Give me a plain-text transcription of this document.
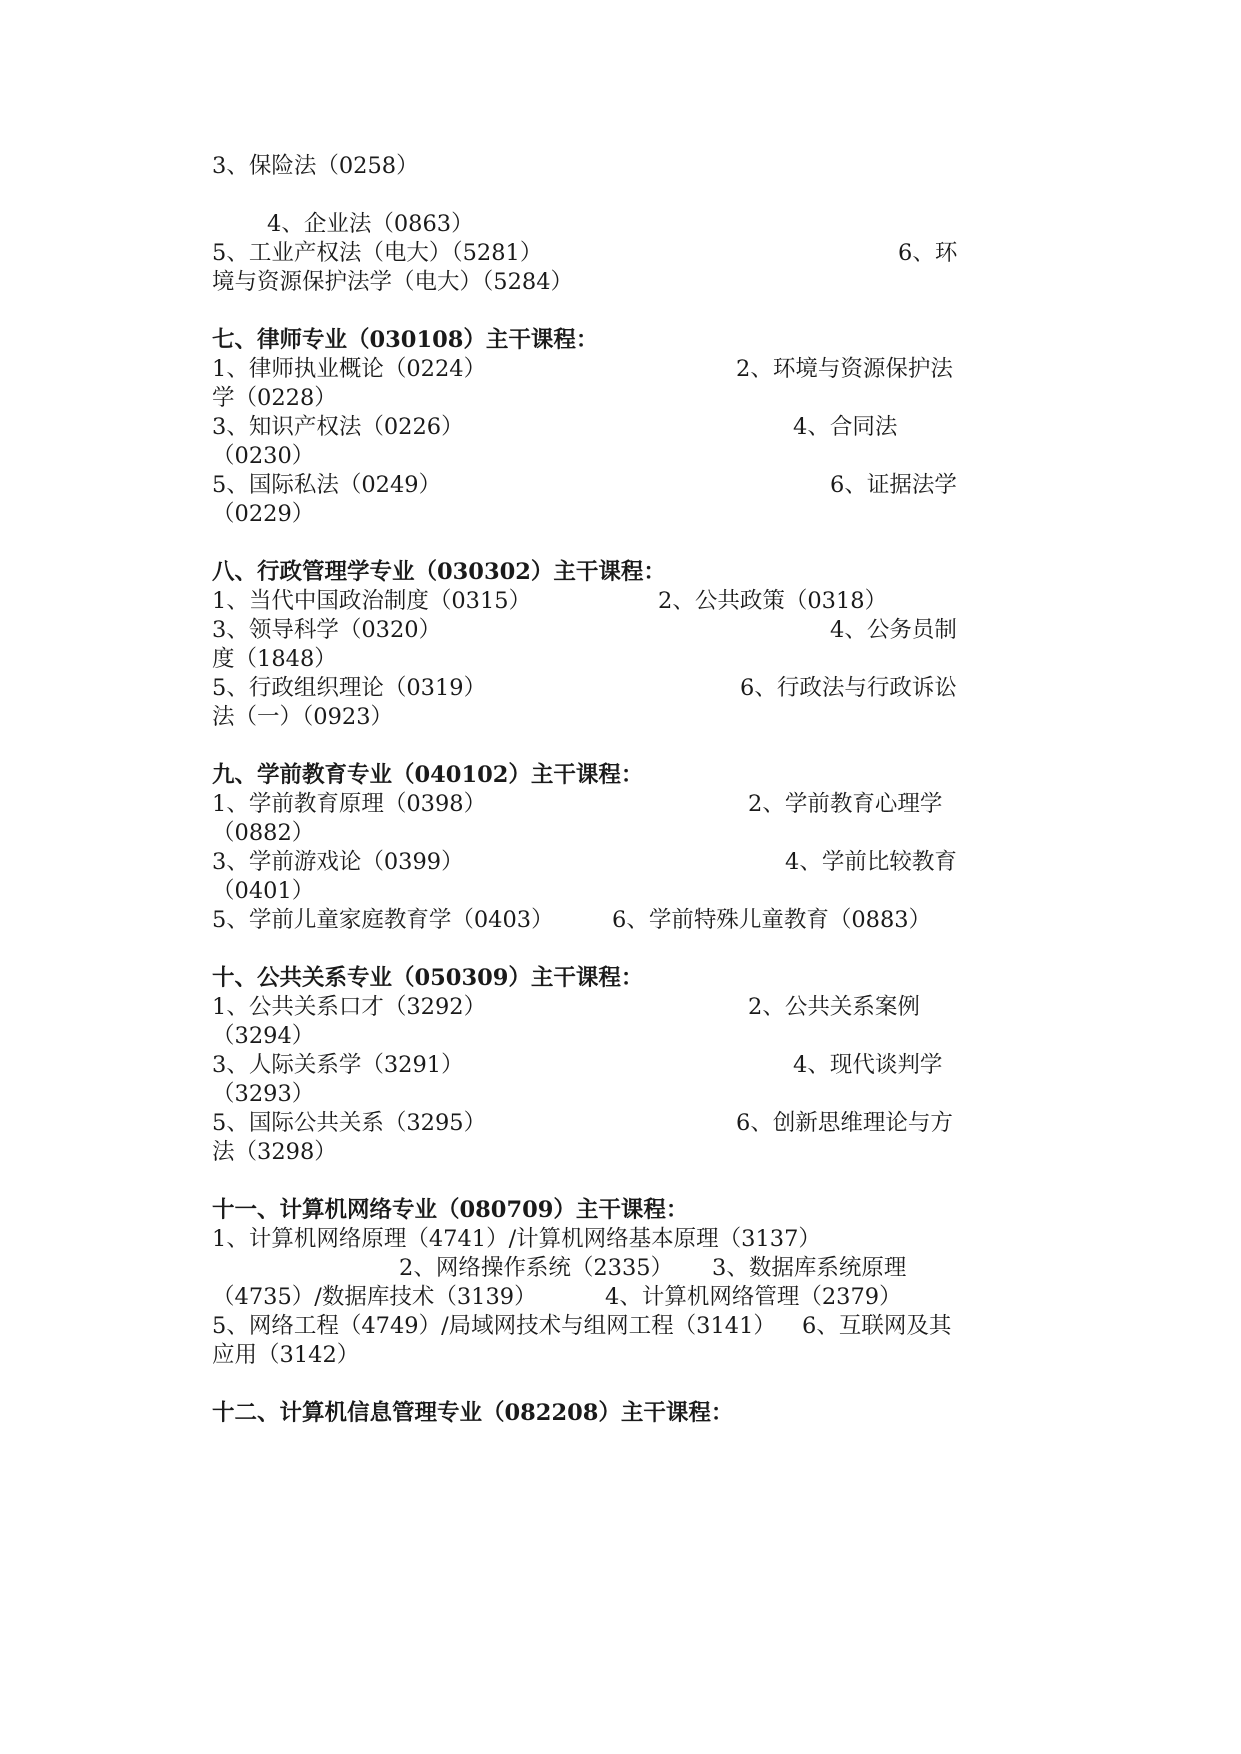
3、保险法（0258）
4、企业法（0863）
5、工业产权法（电大）（5281）	6、环
境与资源保护法学（电大）（5284）
七、律师专业（030108）主干课程：
1、律师执业概论（0224）	2、环境与资源保护法
学（0228）
3、知识产权法（0226）	4、合同法
（0230）
5、国际私法（0249）	6、证据法学
（0229）
八、行政管理学专业（030302）主干课程：
1、当代中国政治制度（0315）	2、公共政策（0318）
3、领导科学（0320）	4、公务员制
度（1848）
5、行政组织理论（0319）	6、行政法与行政诉讼
法（一）（0923）
九、学前教育专业（040102）主干课程：
1、学前教育原理（0398）	2、学前教育心理学
（0882）
3、学前游戏论（0399）	4、学前比较教育
（0401）
5、学前儿童家庭教育学（0403）	6、学前特殊儿童教育（0883）
十、公共关系专业（050309）主干课程：
1、公共关系口才（3292）	2、公共关系案例
（3294）
3、人际关系学（3291）	4、现代谈判学
（3293）
5、国际公共关系（3295）	6、创新思维理论与方
法（3298）
十一、计算机网络专业（080709）主干课程：
1、计算机网络原理（4741）/计算机网络基本原理（3137）
2、网络操作系统（2335） 3、数据库系统原理
（4735）/数据库技术（3139）	4、计算机网络管理（2379）
5、网络工程（4749）/局域网技术与组网工程（3141） 6、互联网及其
应用（3142）
十二、计算机信息管理专业（082208）主干课程：
